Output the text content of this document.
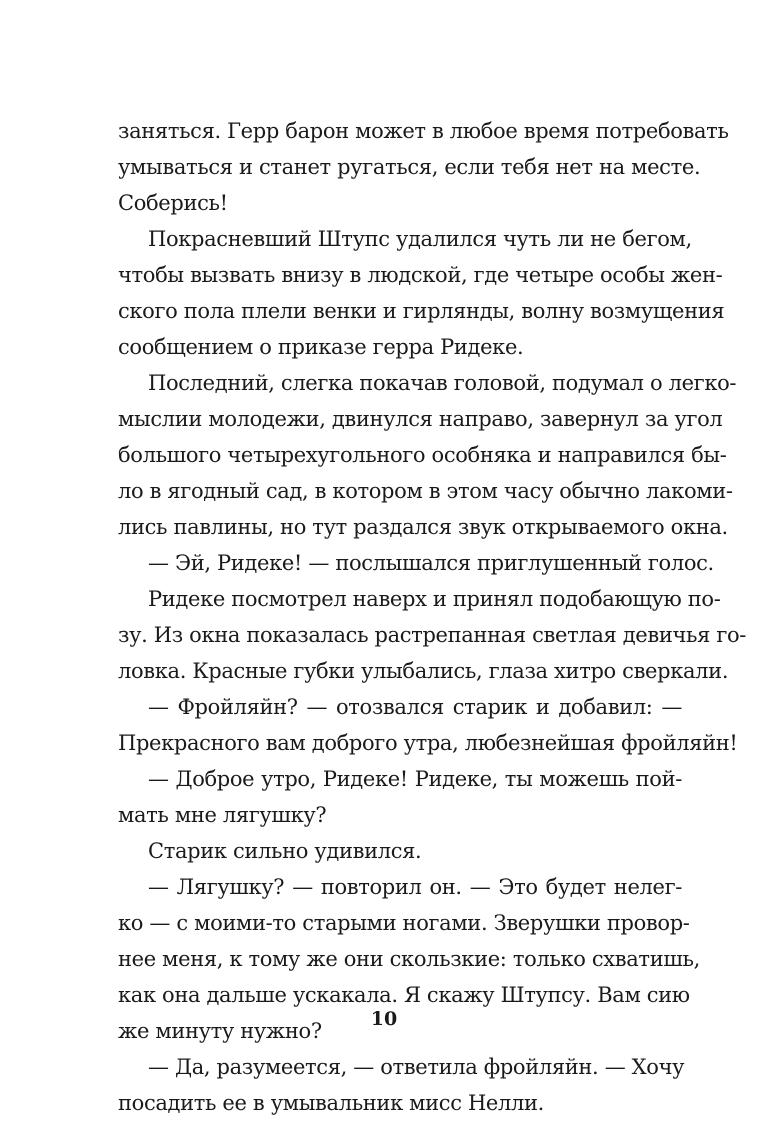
заняться. Герр барон может в любое время потребовать
умываться и станет ругаться, если тебя нет на месте.
Соберись!
Покрасневший Штупс удалился чуть ли не бегом,
чтобы вызвать внизу в людской, где четыре особы жен-
ского пола плели венки и гирлянды, волну возмущения
сообщением о приказе герра Ридеке.
Последний, слегка покачав головой, подумал о легко-
мыслии молодежи, двинулся направо, завернул за угол
большого четырехугольного особняка и направился бы-
ло в ягодный сад, в котором в этом часу обычно лакоми-
лись павлины, но тут раздался звук открываемого окна.
— Эй, Ридеке! — послышался приглушенный голос.
Ридеке посмотрел наверх и принял подобающую по-
зу. Из окна показалась растрепанная светлая девичья го-
ловка. Красные губки улыбались, глаза хитро сверкали.
— Фройляйн? — отозвался старик и добавил: —
Прекрасного вам доброго утра, любезнейшая фройляйн!
— Доброе утро, Ридеке! Ридеке, ты можешь пой-
мать мне лягушку?
Старик сильно удивился.
— Лягушку? — повторил он. — Это будет нелег-
ко — с моими-то старыми ногами. Зверушки провор-
нее меня, к тому же они скользкие: только схватишь,
как она дальше ускакала. Я скажу Штупсу. Вам сию
же минуту нужно?
— Да, разумеется, — ответила фройляйн. — Хочу
посадить ее в умывальник мисс Нелли.
10
